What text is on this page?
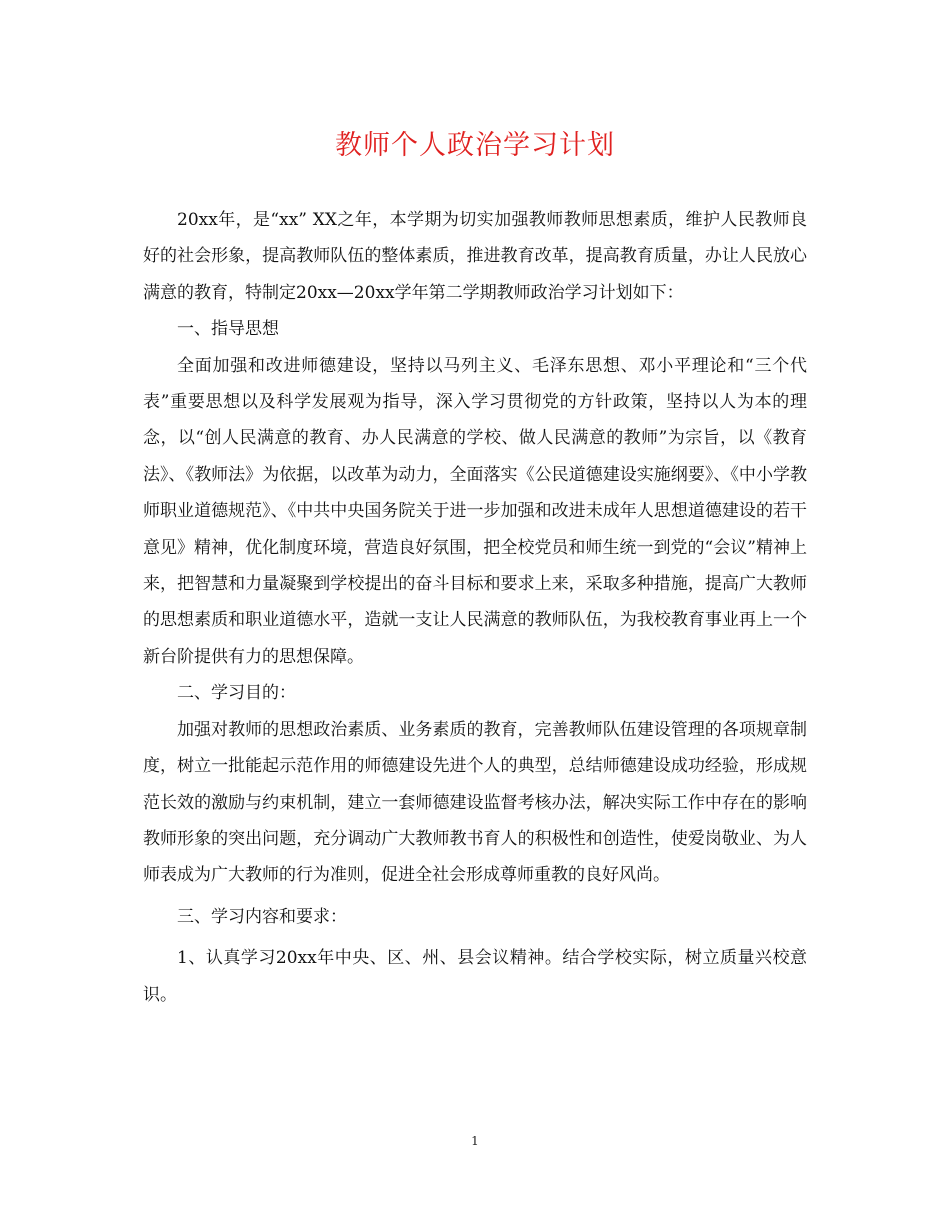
教师个人政治学习计划

20xx年，是“xx” XX之年，本学期为切实加强教师教师思想素质，维护人民教师良好的社会形象，提高教师队伍的整体素质，推进教育改革，提高教育质量，办让人民放心满意的教育，特制定20xx—20xx学年第二学期教师政治学习计划如下：

一、指导思想

全面加强和改进师德建设，坚持以马列主义、毛泽东思想、邓小平理论和“三个代表”重要思想以及科学发展观为指导，深入学习贯彻党的方针政策，坚持以人为本的理念，以“创人民满意的教育、办人民满意的学校、做人民满意的教师”为宗旨，以《教育法》、《教师法》为依据，以改革为动力，全面落实《公民道德建设实施纲要》、《中小学教师职业道德规范》、《中共中央国务院关于进一步加强和改进未成年人思想道德建设的若干意见》精神，优化制度环境，营造良好氛围，把全校党员和师生统一到党的“会议”精神上来，把智慧和力量凝聚到学校提出的奋斗目标和要求上来，采取多种措施，提高广大教师的思想素质和职业道德水平，造就一支让人民满意的教师队伍，为我校教育事业再上一个新台阶提供有力的思想保障。

二、学习目的：

加强对教师的思想政治素质、业务素质的教育，完善教师队伍建设管理的各项规章制度，树立一批能起示范作用的师德建设先进个人的典型，总结师德建设成功经验，形成规范长效的激励与约束机制，建立一套师德建设监督考核办法，解决实际工作中存在的影响教师形象的突出问题，充分调动广大教师教书育人的积极性和创造性，使爱岗敬业、为人师表成为广大教师的行为准则，促进全社会形成尊师重教的良好风尚。

三、学习内容和要求：

1、认真学习20xx年中央、区、州、县会议精神。结合学校实际，树立质量兴校意识。

1
